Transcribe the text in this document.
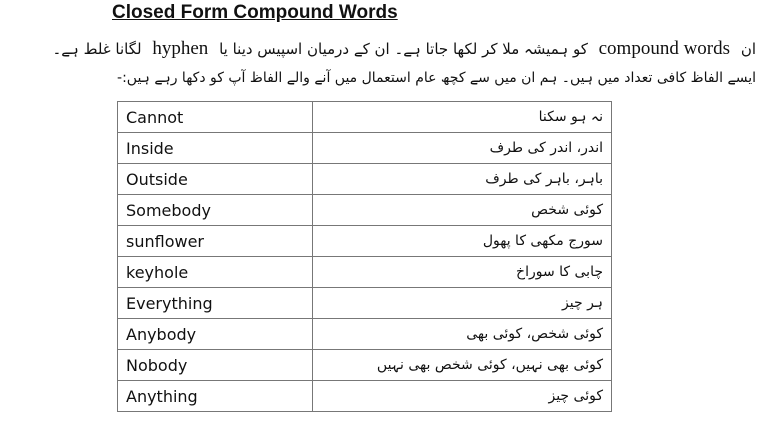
Closed Form Compound Words
ان compound words کو ہمیشہ ملا کر لکھا جاتا ہے۔ ان کے درمیان اسپیس دینا یا hyphen لگانا غلط ہے۔
ایسے الفاظ کافی تعداد میں ہیں۔ ہم ان میں سے کچھ عام استعمال میں آنے والے الفاظ آپ کو دکھا رہے ہیں:-
Cannot	نہ ہو سکنا
Inside	اندر، اندر کی طرف
Outside	باہر، باہر کی طرف
Somebody	کوئی شخص
sunflower	سورج مکھی کا پھول
keyhole	چابی کا سوراخ
Everything	ہر چیز
Anybody	کوئی شخص، کوئی بھی
Nobody	کوئی بھی نہیں، کوئی شخص بھی نہیں
Anything	کوئی چیز
